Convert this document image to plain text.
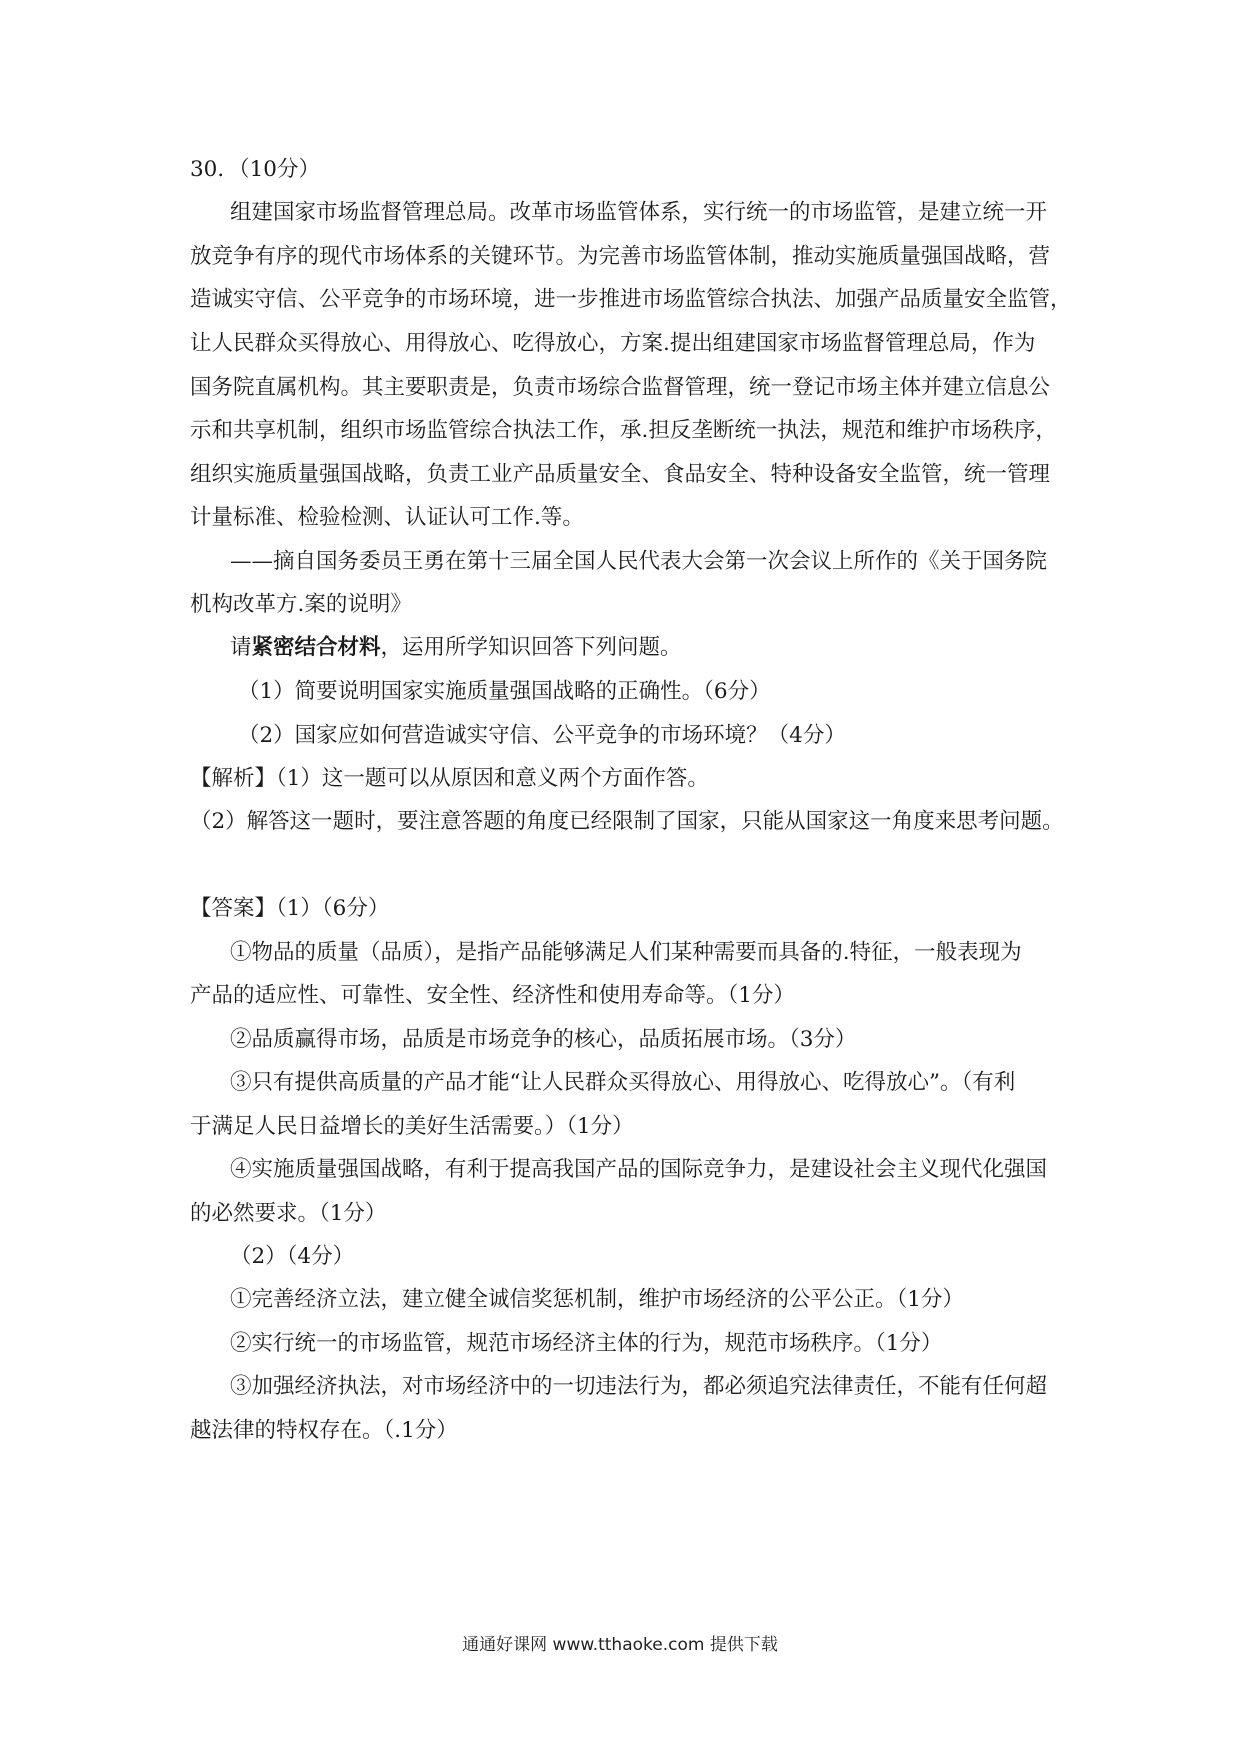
30．（10分）
组建国家市场监督管理总局。改革市场监管体系，实行统一的市场监管，是建立统一开
放竞争有序的现代市场体系的关键环节。为完善市场监管体制，推动实施质量强国战略，营
造诚实守信、公平竞争的市场环境，进一步推进市场监管综合执法、加强产品质量安全监管，
让人民群众买得放心、用得放心、吃得放心，方案.提出组建国家市场监督管理总局，作为
国务院直属机构。其主要职责是，负责市场综合监督管理，统一登记市场主体并建立信息公
示和共享机制，组织市场监管综合执法工作，承.担反垄断统一执法，规范和维护市场秩序，
组织实施质量强国战略，负责工业产品质量安全、食品安全、特种设备安全监管，统一管理
计量标准、检验检测、认证认可工作.等。
——摘自国务委员王勇在第十三届全国人民代表大会第一次会议上所作的《关于国务院
机构改革方.案的说明》
请紧密结合材料，运用所学知识回答下列问题。
（1）简要说明国家实施质量强国战略的正确性。（6分）
（2）国家应如何营造诚实守信、公平竞争的市场环境？（4分）
【解析】（1）这一题可以从原因和意义两个方面作答。
（2）解答这一题时，要注意答题的角度已经限制了国家，只能从国家这一角度来思考问题。
【答案】（1）（6分）
①物品的质量（品质），是指产品能够满足人们某种需要而具备的.特征，一般表现为
产品的适应性、可靠性、安全性、经济性和使用寿命等。（1分）
②品质赢得市场，品质是市场竞争的核心，品质拓展市场。（3分）
③只有提供高质量的产品才能“让人民群众买得放心、用得放心、吃得放心”。（有利
于满足人民日益增长的美好生活需要。）（1分）
④实施质量强国战略，有利于提高我国产品的国际竞争力，是建设社会主义现代化强国
的必然要求。（1分）
（2）（4分）
①完善经济立法，建立健全诚信奖惩机制，维护市场经济的公平公正。（1分）
②实行统一的市场监管，规范市场经济主体的行为，规范市场秩序。（1分）
③加强经济执法，对市场经济中的一切违法行为，都必须追究法律责任，不能有任何超
越法律的特权存在。（.1分）
通通好课网 www.tthaoke.com 提供下载
